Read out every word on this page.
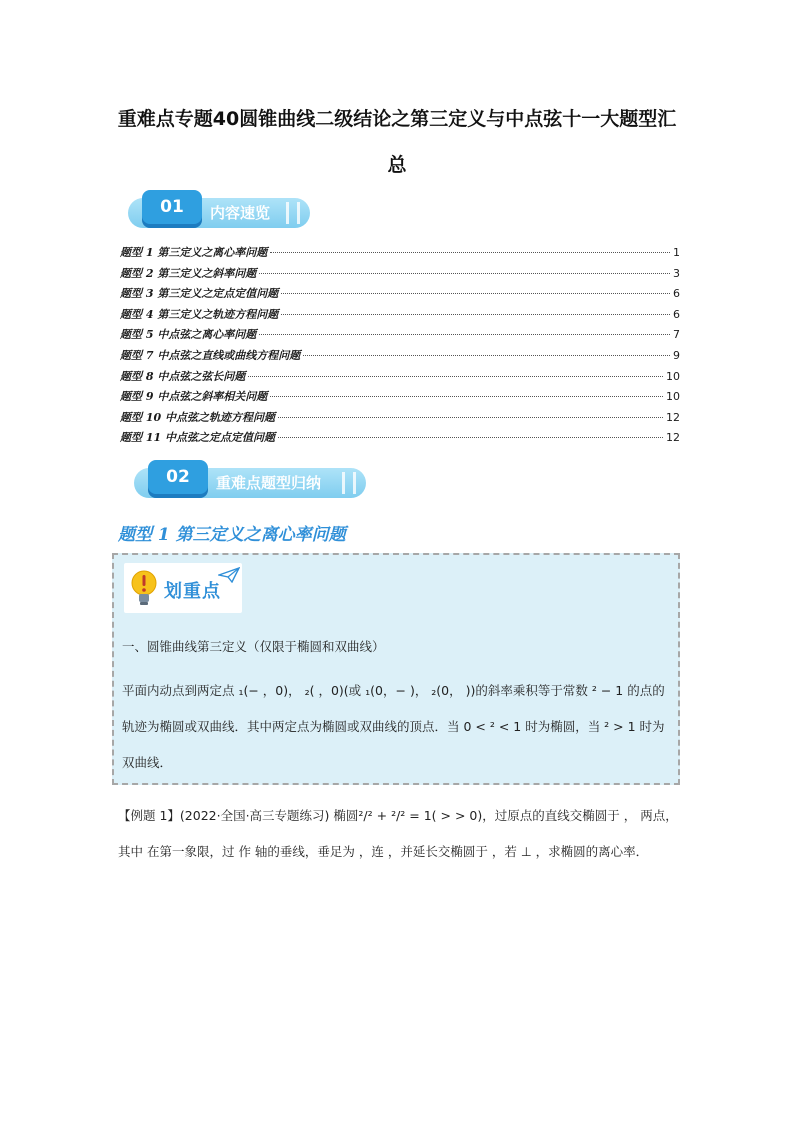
重难点专题40圆锥曲线二级结论之第三定义与中点弦十一大题型汇总
01	内容速览
题型 1 第三定义之离心率问题	1
题型 2 第三定义之斜率问题	3
题型 3 第三定义之定点定值问题	6
题型 4 第三定义之轨迹方程问题	6
题型 5 中点弦之离心率问题	7
题型 7 中点弦之直线或曲线方程问题	9
题型 8 中点弦之弦长问题	10
题型 9 中点弦之斜率相关问题	10
题型 10 中点弦之轨迹方程问题	12
题型 11 中点弦之定点定值问题	12
02	重难点题型归纳
题型 1 第三定义之离心率问题
划重点
一、圆锥曲线第三定义（仅限于椭圆和双曲线）
平面内动点到两定点 ₁(− ，0)， ₂( ，0)(或 ₁(0，− )， ₂(0， ))的斜率乘积等于常数 ² − 1 的点的轨迹为椭圆或双曲线．其中两定点为椭圆或双曲线的顶点．当 0 < ² < 1 时为椭圆，当 ² > 1 时为双曲线．
【例题 1】(2022·全国·高三专题练习) 椭圆²/² + ²/² = 1( > > 0)，过原点的直线交椭圆于 ， 两点，其中 在第一象限，过 作 轴的垂线，垂足为 ，连 ，并延长交椭圆于 ，若 ⊥ ，求椭圆的离心率．
